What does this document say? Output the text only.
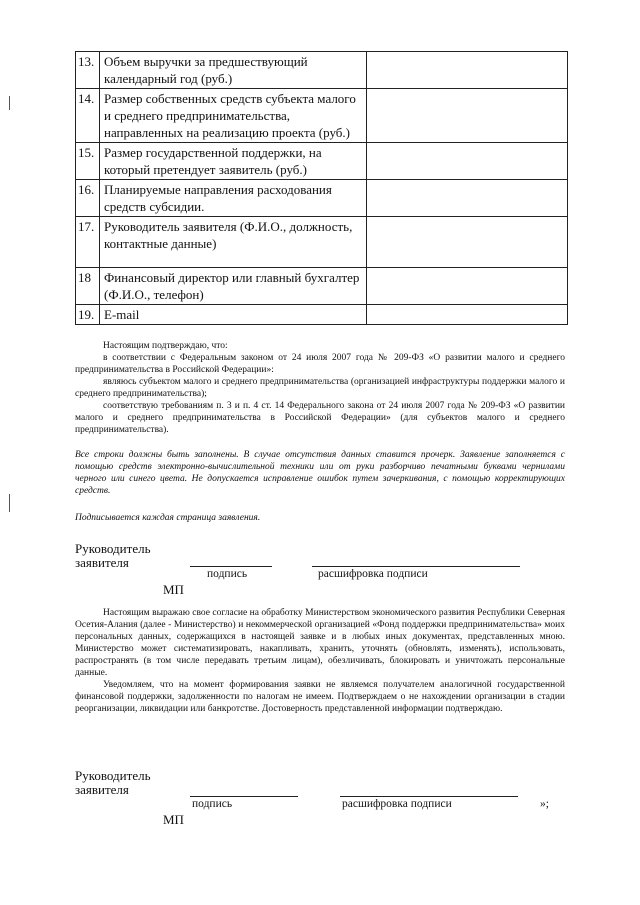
13.	Объем выручки за предшествующий календарный год (руб.)	
14.	Размер собственных средств субъекта малого и среднего предпринимательства, направленных на реализацию проекта (руб.)	
15.	Размер государственной поддержки, на который претендует заявитель (руб.)	
16.	Планируемые направления расходования средств субсидии.	
17.	Руководитель заявителя (Ф.И.О., должность, контактные данные)	
18	Финансовый директор или главный бухгалтер (Ф.И.О., телефон)	
19.	E-mail	

Настоящим подтверждаю, что:

в соответствии с Федеральным законом от 24 июля 2007 года № 209-ФЗ «О развитии малого и среднего предпринимательства в Российской Федерации»:

являюсь субъектом малого и среднего предпринимательства (организацией инфраструктуры поддержки малого и среднего предпринимательства);

соответствую требованиям п. 3 и п. 4 ст. 14 Федерального закона от 24 июля 2007 года № 209-ФЗ «О развитии малого и среднего предпринимательства в Российской Федерации» (для субъектов малого и среднего предпринимательства).

Все строки должны быть заполнены. В случае отсутствия данных ставится прочерк. Заявление заполняется с помощью средств электронно-вычислительной техники или от руки разборчиво печатными буквами чернилами черного или синего цвета. Не допускается исправление ошибок путем зачеркивания, с помощью корректирующих средств.

Подписывается каждая страница заявления.

Руководитель
заявителя
подпись	расшифровка подписи
МП

Настоящим выражаю свое согласие на обработку Министерством экономического развития Республики Северная Осетия-Алания (далее - Министерство) и некоммерческой организацией «Фонд поддержки предпринимательства» моих персональных данных, содержащихся в настоящей заявке и в любых иных документах, представленных мною. Министерство может систематизировать, накапливать, хранить, уточнять (обновлять, изменять), использовать, распространять (в том числе передавать третьим лицам), обезличивать, блокировать и уничтожать персональные данные.

Уведомляем, что на момент формирования заявки не являемся получателем аналогичной государственной финансовой поддержки, задолженности по налогам не имеем. Подтверждаем о не нахождении организации в стадии реорганизации, ликвидации или банкротстве. Достоверность представленной информации подтверждаю.

Руководитель
заявителя
подпись	расшифровка подписи	»;
МП
